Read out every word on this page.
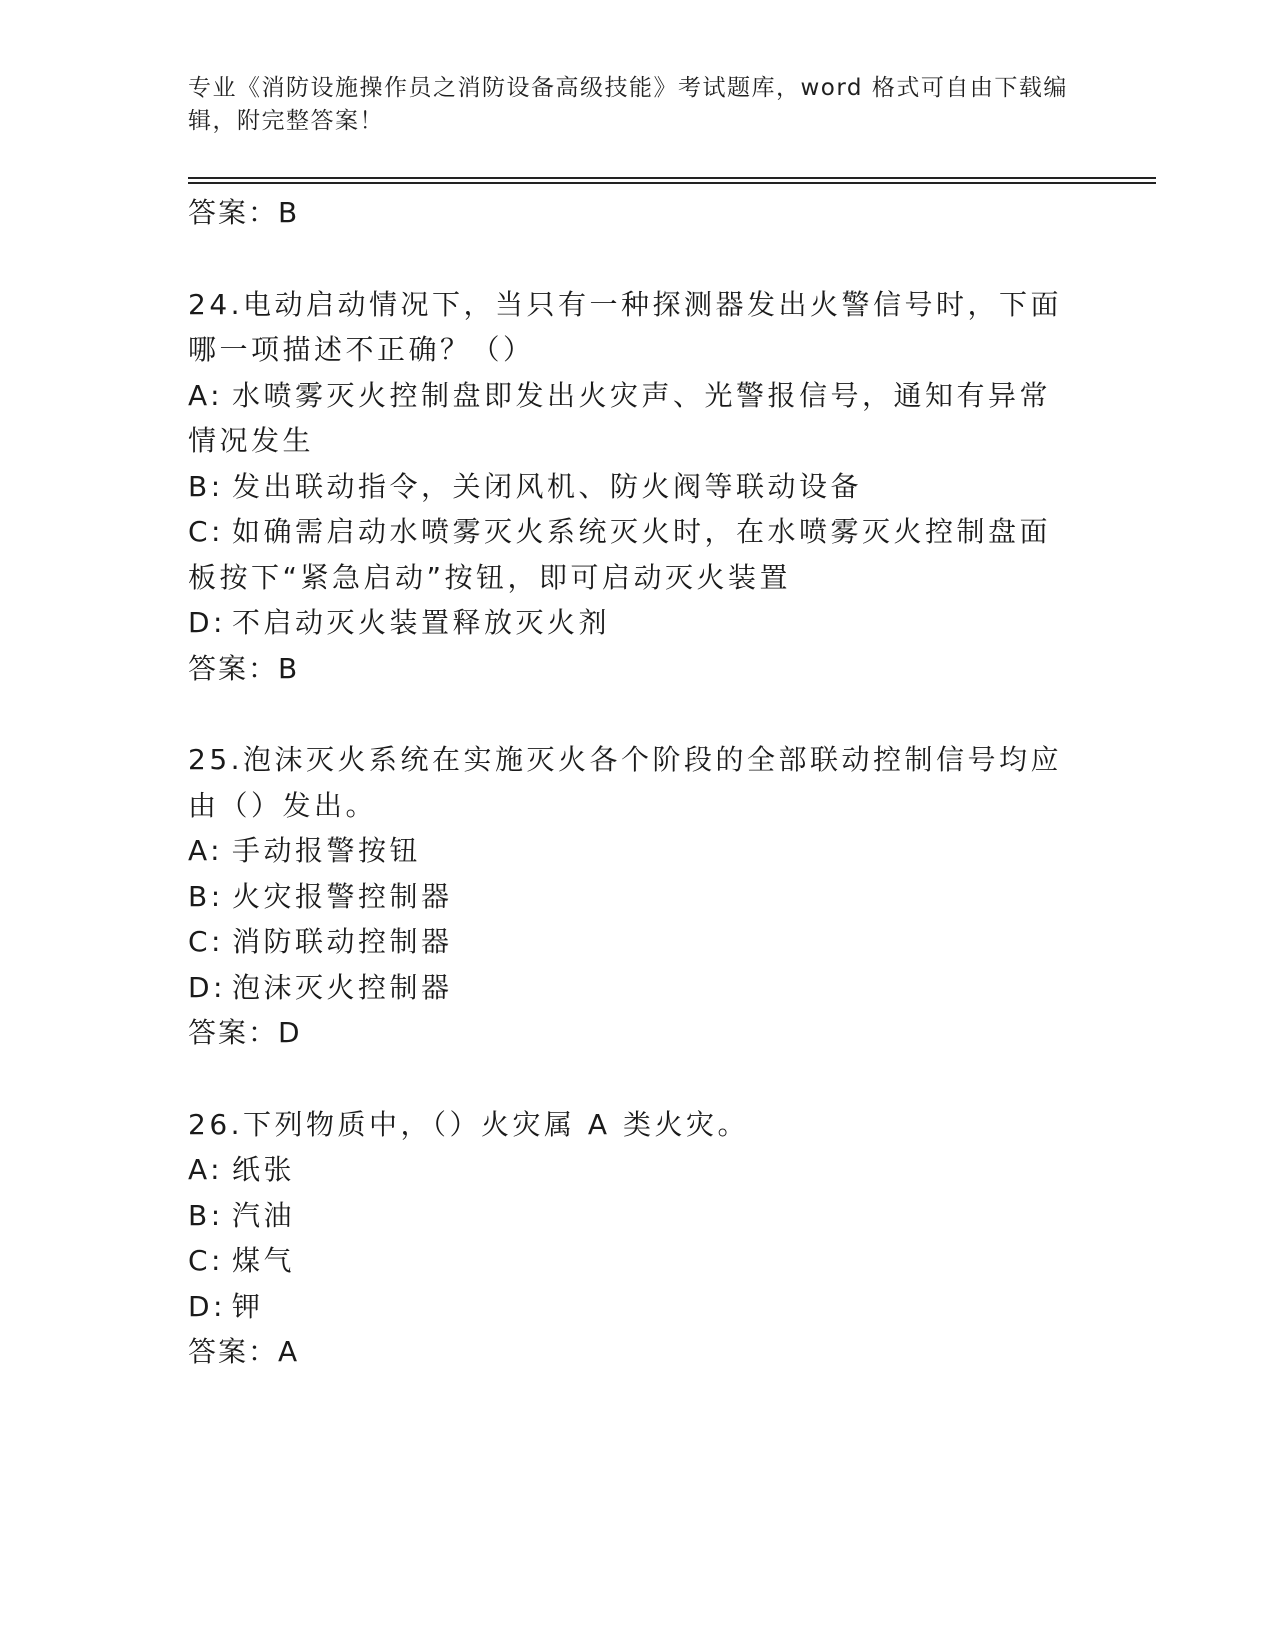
专业《消防设施操作员之消防设备高级技能》考试题库，word 格式可自由下载编辑，附完整答案！
答案：B
24.电动启动情况下，当只有一种探测器发出火警信号时，下面哪一项描述不正确？（）
A: 水喷雾灭火控制盘即发出火灾声、光警报信号，通知有异常情况发生
B: 发出联动指令，关闭风机、防火阀等联动设备
C: 如确需启动水喷雾灭火系统灭火时，在水喷雾灭火控制盘面板按下“紧急启动”按钮，即可启动灭火装置
D: 不启动灭火装置释放灭火剂
答案：B
25.泡沫灭火系统在实施灭火各个阶段的全部联动控制信号均应由（）发出。
A: 手动报警按钮
B: 火灾报警控制器
C: 消防联动控制器
D: 泡沫灭火控制器
答案：D
26.下列物质中，（）火灾属 A 类火灾。
A: 纸张
B: 汽油
C: 煤气
D: 钾
答案：A
